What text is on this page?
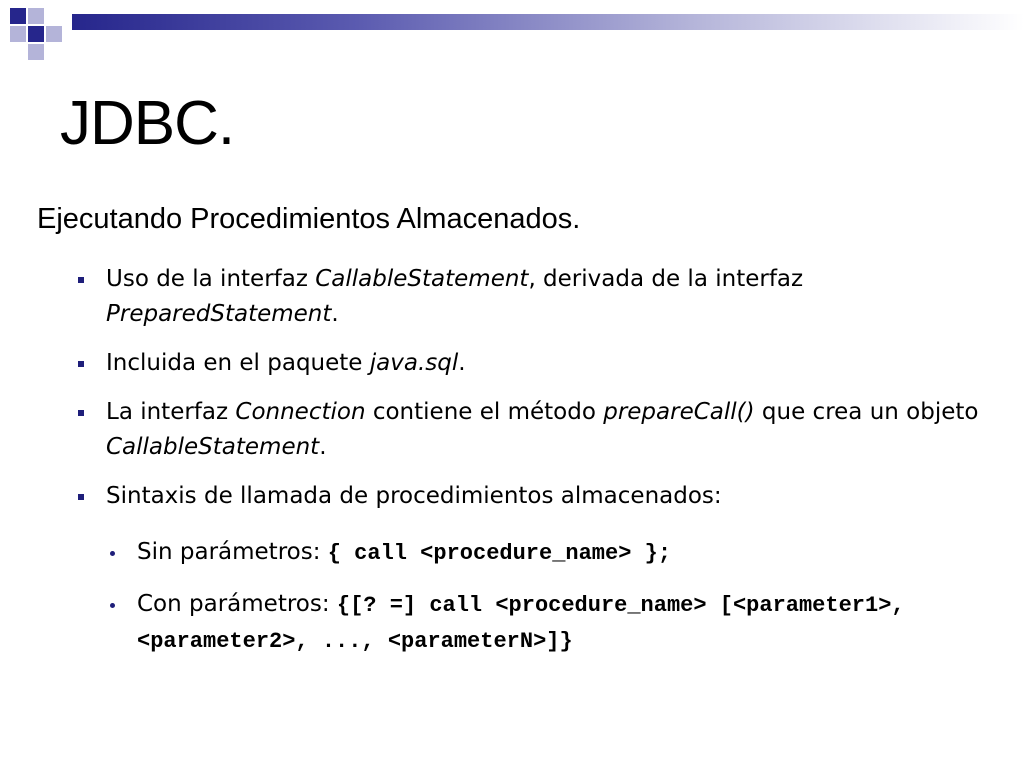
JDBC.
Ejecutando Procedimientos Almacenados.
Uso de la interfaz CallableStatement, derivada de la interfaz PreparedStatement.
Incluida en el paquete java.sql.
La interfaz Connection contiene el método prepareCall() que crea un objeto CallableStatement.
Sintaxis de llamada de procedimientos almacenados:
Sin parámetros: { call <procedure_name> };
Con parámetros: {[? =] call <procedure_name> [<parameter1>,<parameter2>, ..., <parameterN>]}
